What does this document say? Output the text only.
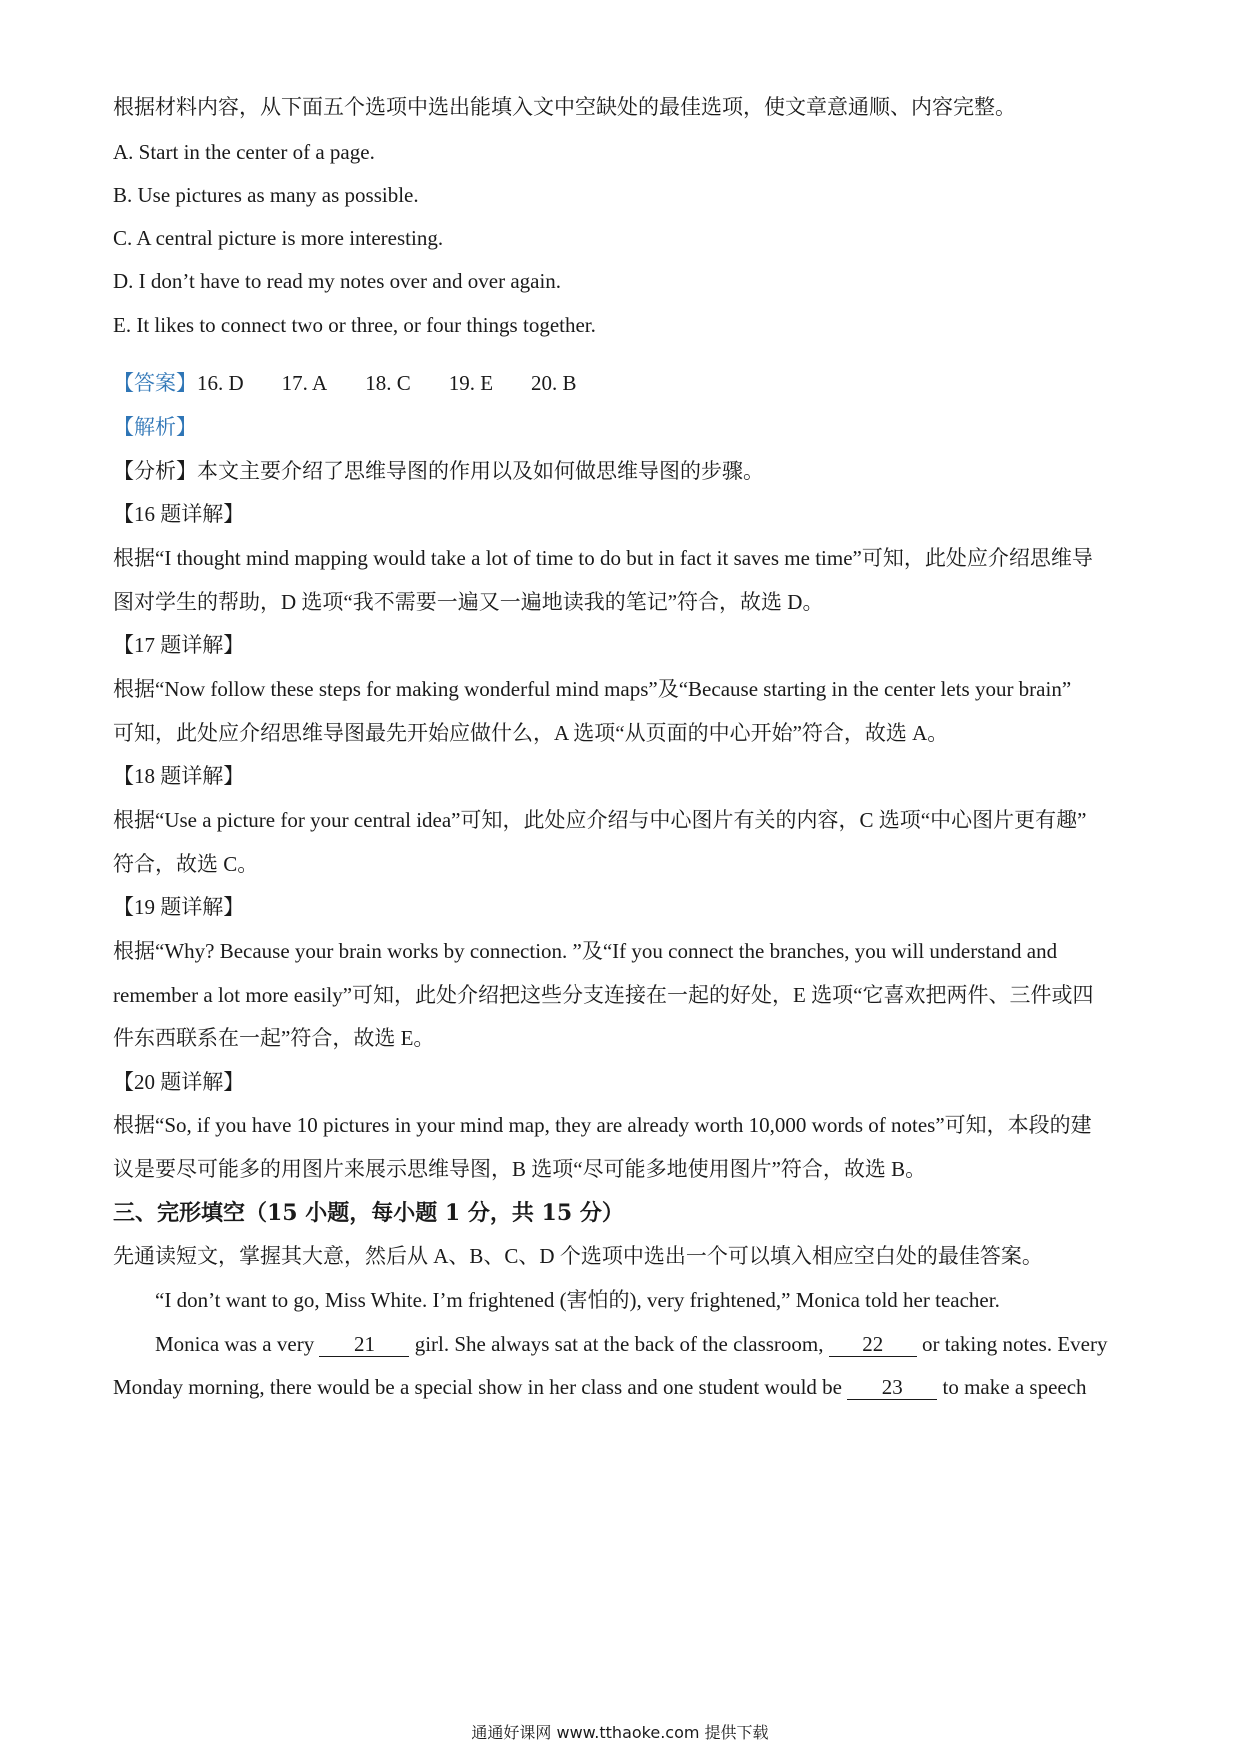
根据材料内容，从下面五个选项中选出能填入文中空缺处的最佳选项，使文章意通顺、内容完整。
A. Start in the center of a page.
B. Use pictures as many as possible.
C. A central picture is more interesting.
D. I don’t have to read my notes over and over again.
E. It likes to connect two or three, or four things together.
【答案】16. D 17. A 18. C 19. E 20. B
【解析】
【分析】本文主要介绍了思维导图的作用以及如何做思维导图的步骤。
【16 题详解】
根据“I thought mind mapping would take a lot of time to do but in fact it saves me time”可知，此处应介绍思维导
图对学生的帮助，D 选项“我不需要一遍又一遍地读我的笔记”符合，故选 D。
【17 题详解】
根据“Now follow these steps for making wonderful mind maps”及“Because starting in the center lets your brain”
可知，此处应介绍思维导图最先开始应做什么，A 选项“从页面的中心开始”符合，故选 A。
【18 题详解】
根据“Use a picture for your central idea”可知，此处应介绍与中心图片有关的内容，C 选项“中心图片更有趣”
符合，故选 C。
【19 题详解】
根据“Why? Because your brain works by connection. ”及“If you connect the branches, you will understand and
remember a lot more easily”可知，此处介绍把这些分支连接在一起的好处，E 选项“它喜欢把两件、三件或四
件东西联系在一起”符合，故选 E。
【20 题详解】
根据“So, if you have 10 pictures in your mind map, they are already worth 10,000 words of notes”可知，本段的建
议是要尽可能多的用图片来展示思维导图，B 选项“尽可能多地使用图片”符合，故选 B。
三、完形填空（15 小题，每小题 1 分，共 15 分）
先通读短文，掌握其大意，然后从 A、B、C、D 个选项中选出一个可以填入相应空白处的最佳答案。
“I don’t want to go, Miss White. I’m frightened (害怕的), very frightened,” Monica told her teacher.
Monica was a very 21 girl. She always sat at the back of the classroom, 22 or taking notes. Every
Monday morning, there would be a special show in her class and one student would be 23 to make a speech
通通好课网 www.tthaoke.com 提供下载
